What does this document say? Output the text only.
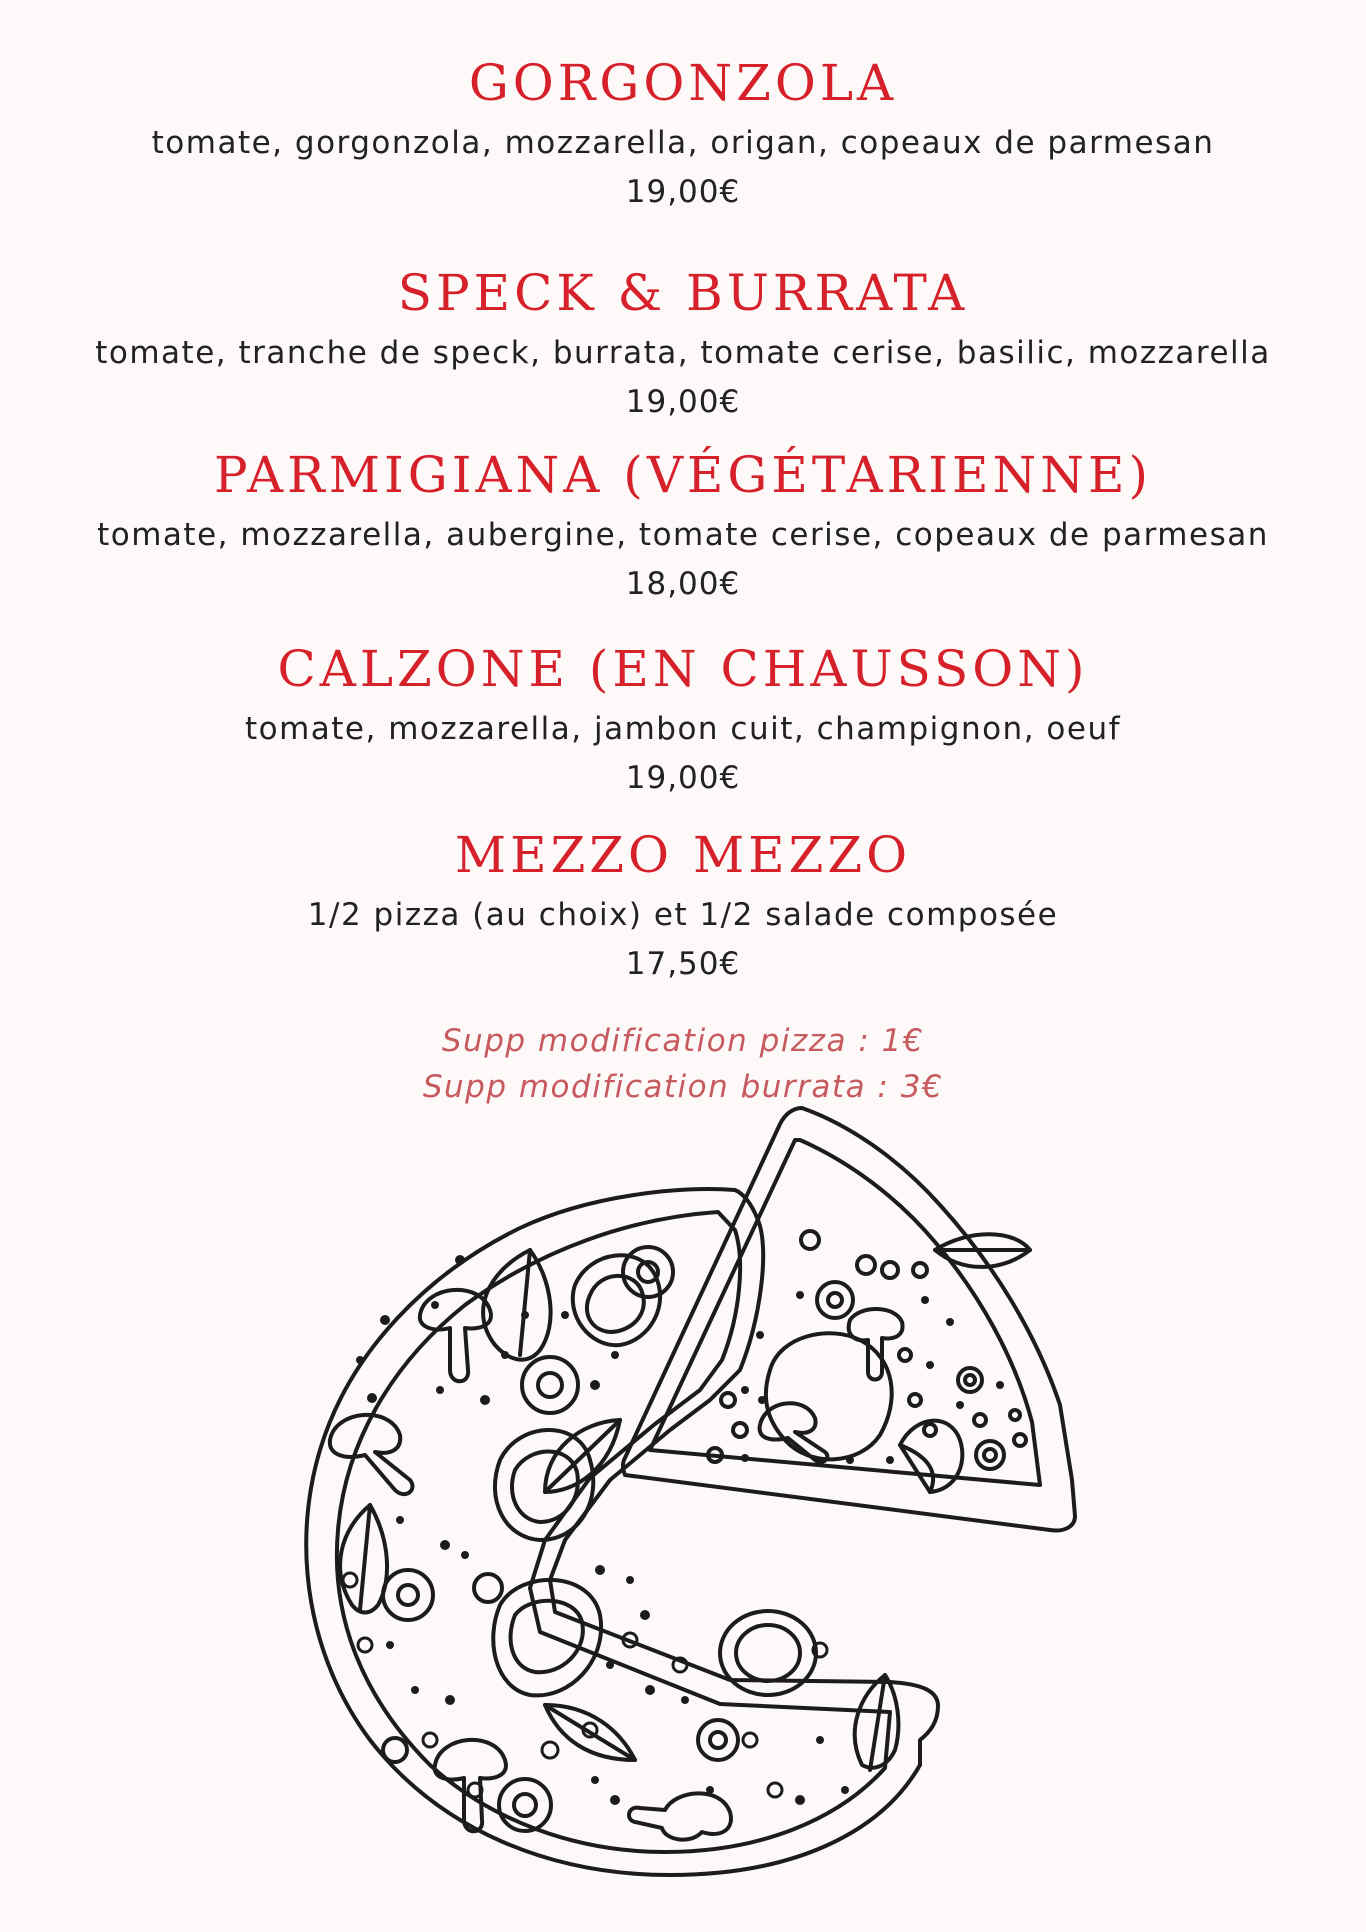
GORGONZOLA
tomate, gorgonzola, mozzarella, origan, copeaux de parmesan
19,00€
SPECK & BURRATA
tomate, tranche de speck, burrata, tomate cerise, basilic, mozzarella
19,00€
PARMIGIANA (VÉGÉTARIENNE)
tomate, mozzarella, aubergine, tomate cerise, copeaux de parmesan
18,00€
CALZONE (EN CHAUSSON)
tomate, mozzarella, jambon cuit, champignon, oeuf
19,00€
MEZZO MEZZO
1/2 pizza (au choix) et 1/2 salade composée
17,50€
Supp modification pizza : 1€
Supp modification burrata : 3€
